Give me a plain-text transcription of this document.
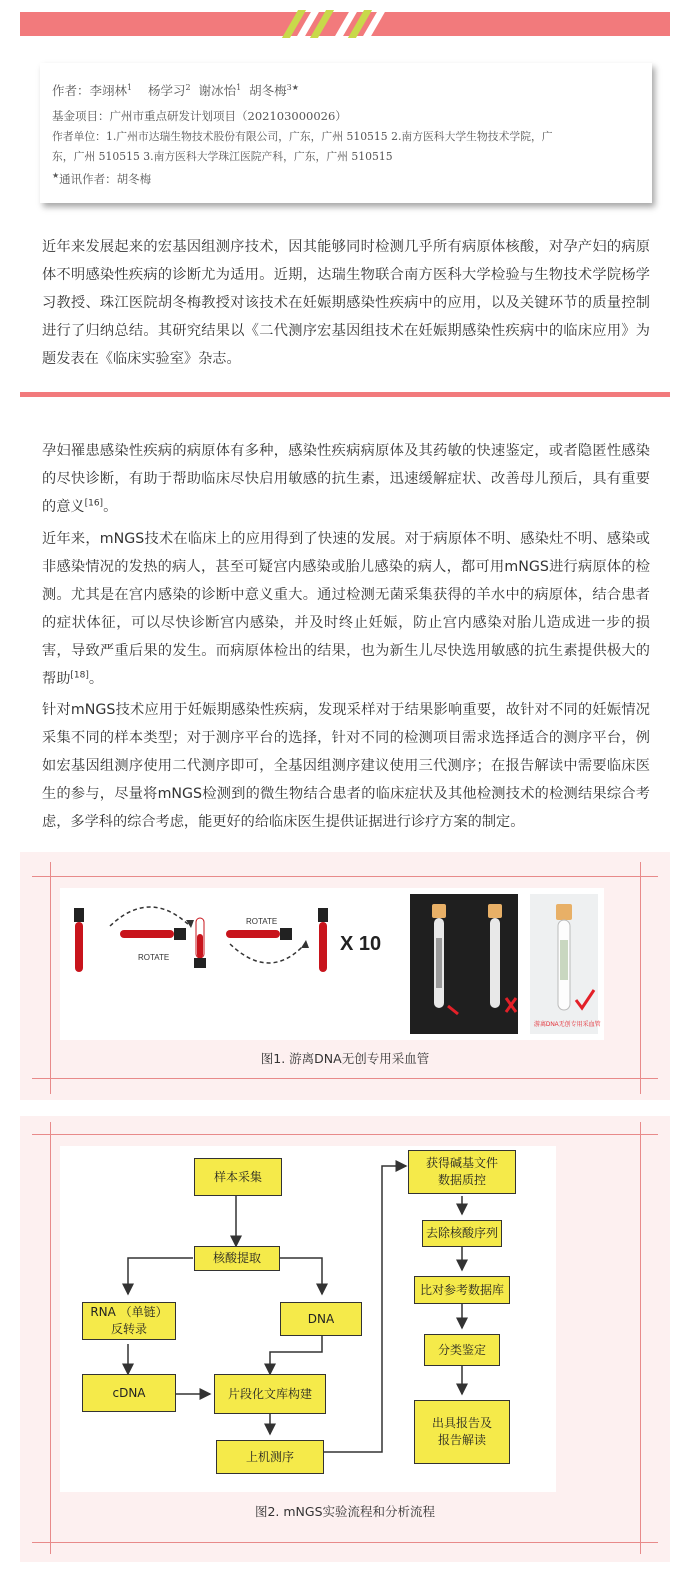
作者：李翊林$^1$ 杨学习$^2$ 谢冰怡$^1$ 胡冬梅$^{3★}$
基金项目：广州市重点研发计划项目（202103000026）
作者单位：1.广州市达瑞生物技术股份有限公司，广东，广州 510515 2.南方医科大学生物技术学院，广
东，广州 510515 3.南方医科大学珠江医院产科，广东，广州 510515
★通讯作者：胡冬梅
近年来发展起来的宏基因组测序技术，因其能够同时检测几乎所有病原体核酸，对孕产妇的病原体不明感染性疾病的诊断尤为适用。近期，达瑞生物联合南方医科大学检验与生物技术学院杨学习教授、珠江医院胡冬梅教授对该技术在妊娠期感染性疾病中的应用，以及关键环节的质量控制进行了归纳总结。其研究结果以《二代测序宏基因组技术在妊娠期感染性疾病中的临床应用》为题发表在《临床实验室》杂志。
孕妇罹患感染性疾病的病原体有多种，感染性疾病病原体及其药敏的快速鉴定，或者隐匿性感染的尽快诊断，有助于帮助临床尽快启用敏感的抗生素，迅速缓解症状、改善母儿预后，具有重要的意义[16]。
近年来，mNGS技术在临床上的应用得到了快速的发展。对于病原体不明、感染灶不明、感染或非感染情况的发热的病人，甚至可疑宫内感染或胎儿感染的病人，都可用mNGS进行病原体的检测。尤其是在宫内感染的诊断中意义重大。通过检测无菌采集获得的羊水中的病原体，结合患者的症状体征，可以尽快诊断宫内感染，并及时终止妊娠，防止宫内感染对胎儿造成进一步的损害，导致严重后果的发生。而病原体检出的结果，也为新生儿尽快选用敏感的抗生素提供极大的帮助[18]。
针对mNGS技术应用于妊娠期感染性疾病，发现采样对于结果影响重要，故针对不同的妊娠情况采集不同的样本类型；对于测序平台的选择，针对不同的检测项目需求选择适合的测序平台，例如宏基因组测序使用二代测序即可，全基因组测序建议使用三代测序；在报告解读中需要临床医生的参与，尽量将mNGS检测到的微生物结合患者的临床症状及其他检测技术的检测结果综合考虑，多学科的综合考虑，能更好的给临床医生提供证据进行诊疗方案的制定。
ROTATE
ROTATE
X 10
游离DNA无创专用采血管
图1. 游离DNA无创专用采血管
样本采集
核酸提取
RNA （单链）
反转录
DNA
cDNA	片段化文库构建
上机测序
获得碱基文件
数据质控
去除核酸序列
比对参考数据库
分类鉴定
出具报告及
报告解读
图2. mNGS实验流程和分析流程
